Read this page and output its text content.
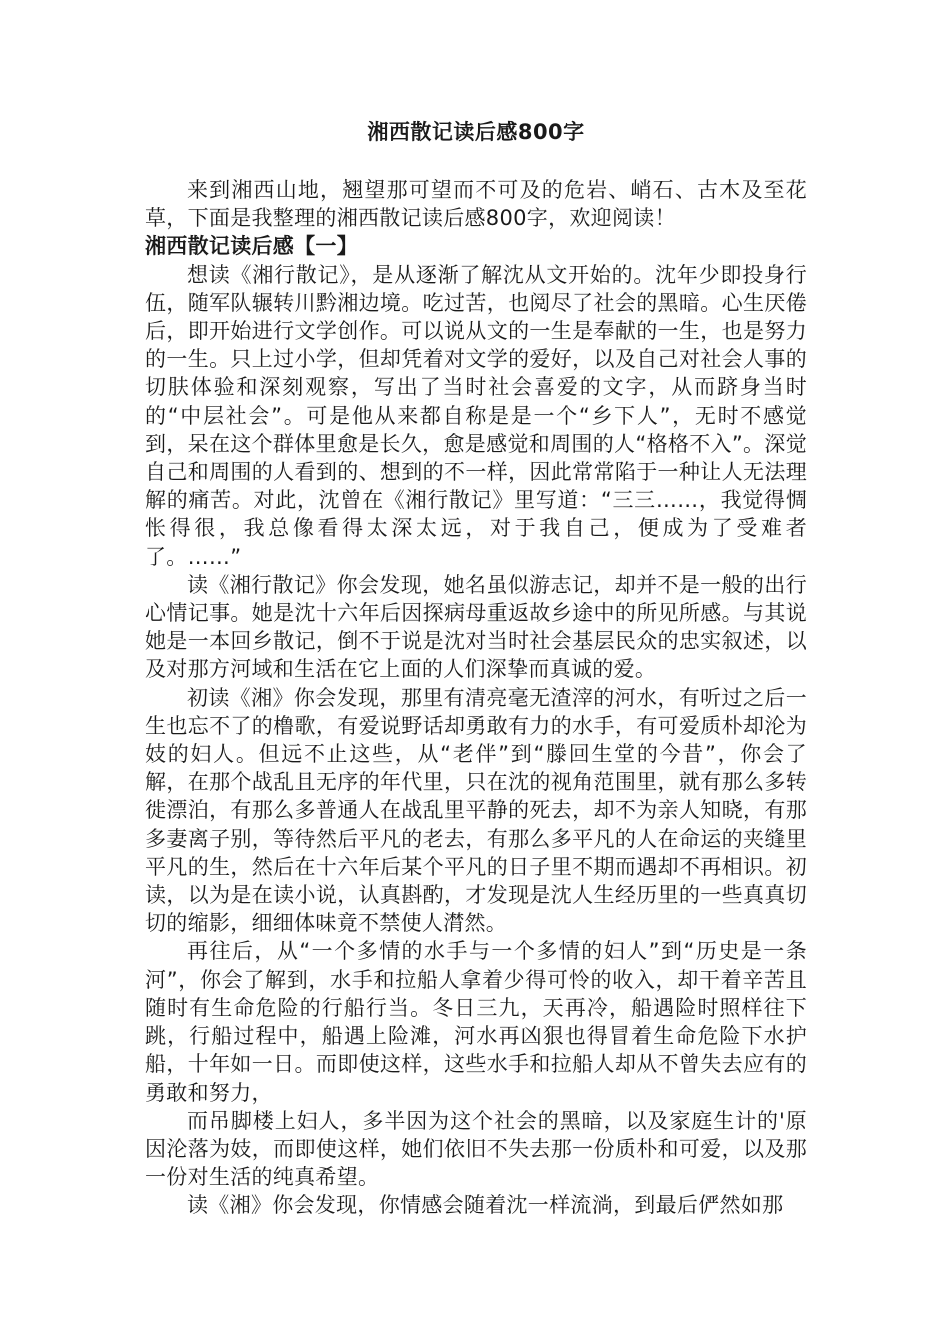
湘西散记读后感800字

来到湘西山地，翘望那可望而不可及的危岩、峭石、古木及至花草，下面是我整理的湘西散记读后感800字，欢迎阅读！

湘西散记读后感【一】

想读《湘行散记》，是从逐渐了解沈从文开始的。沈年少即投身行伍，随军队辗转川黔湘边境。吃过苦，也阅尽了社会的黑暗。心生厌倦后，即开始进行文学创作。可以说从文的一生是奉献的一生，也是努力的一生。只上过小学，但却凭着对文学的爱好，以及自己对社会人事的切肤体验和深刻观察，写出了当时社会喜爱的文字，从而跻身当时的“中层社会”。可是他从来都自称是是一个“乡下人”，无时不感觉到，呆在这个群体里愈是长久，愈是感觉和周围的人“格格不入”。深觉自己和周围的人看到的、想到的不一样，因此常常陷于一种让人无法理解的痛苦。对此，沈曾在《湘行散记》里写道：“三三……，我觉得惆怅得很，我总像看得太深太远，对于我自己，便成为了受难者了。……”

读《湘行散记》你会发现，她名虽似游志记，却并不是一般的出行心情记事。她是沈十六年后因探病母重返故乡途中的所见所感。与其说她是一本回乡散记，倒不于说是沈对当时社会基层民众的忠实叙述，以及对那方河域和生活在它上面的人们深挚而真诚的爱。

初读《湘》你会发现，那里有清亮毫无渣滓的河水，有听过之后一生也忘不了的橹歌，有爱说野话却勇敢有力的水手，有可爱质朴却沦为妓的妇人。但远不止这些，从“老伴”到“滕回生堂的今昔”，你会了解，在那个战乱且无序的年代里，只在沈的视角范围里，就有那么多转徙漂泊，有那么多普通人在战乱里平静的死去，却不为亲人知晓，有那多妻离子别，等待然后平凡的老去，有那么多平凡的人在命运的夹缝里平凡的生，然后在十六年后某个平凡的日子里不期而遇却不再相识。初读，以为是在读小说，认真斟酌，才发现是沈人生经历里的一些真真切切的缩影，细细体味竟不禁使人潸然。

再往后，从“一个多情的水手与一个多情的妇人”到“历史是一条河”，你会了解到，水手和拉船人拿着少得可怜的收入，却干着辛苦且随时有生命危险的行船行当。冬日三九，天再冷，船遇险时照样往下跳，行船过程中，船遇上险滩，河水再凶狠也得冒着生命危险下水护船，十年如一日。而即使这样，这些水手和拉船人却从不曾失去应有的勇敢和努力，

而吊脚楼上妇人，多半因为这个社会的黑暗，以及家庭生计的'原因沦落为妓，而即使这样，她们依旧不失去那一份质朴和可爱，以及那一份对生活的纯真希望。

读《湘》你会发现，你情感会随着沈一样流淌，到最后俨然如那
